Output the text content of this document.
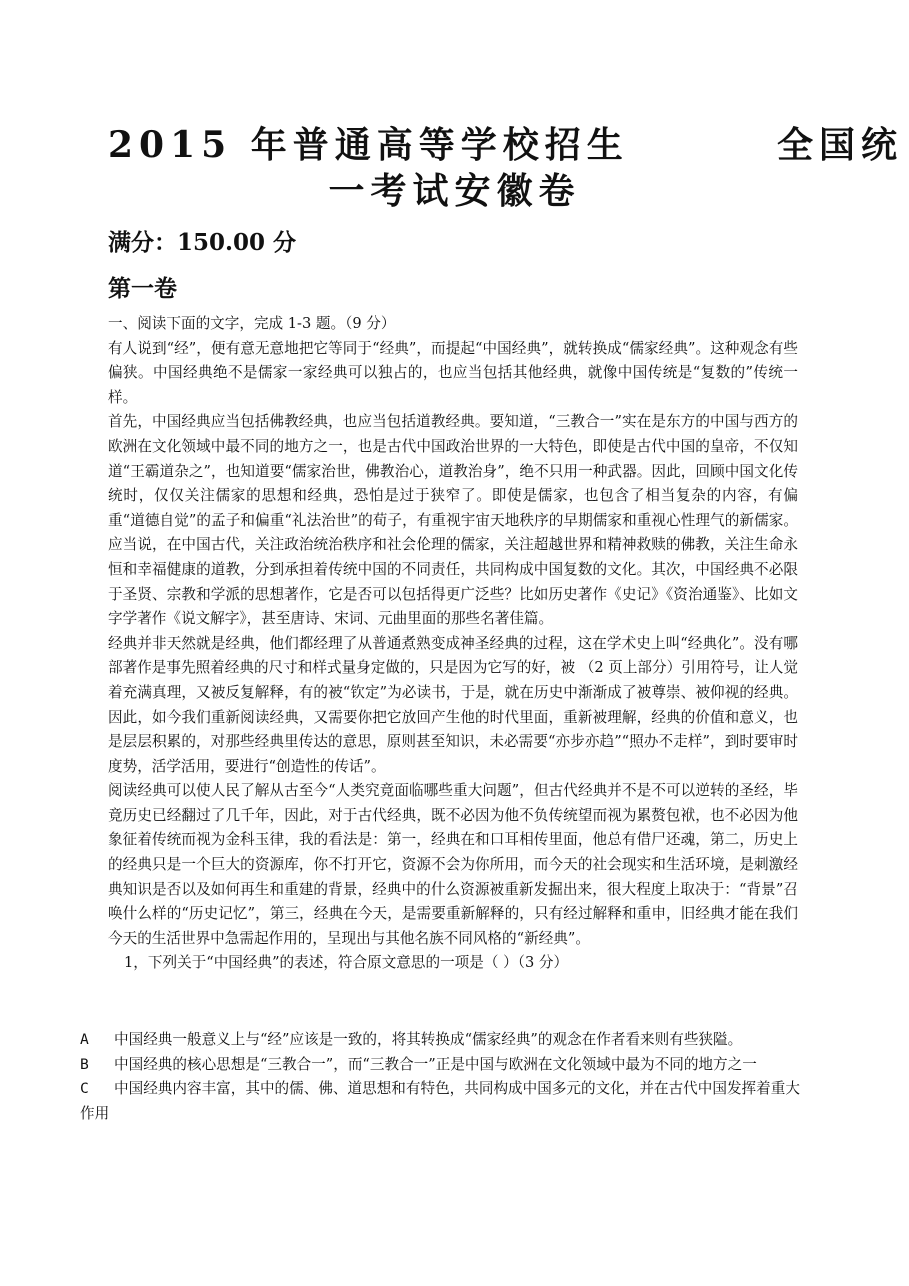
2015 年普通高等学校招生        全国统
一考试安徽卷
满分：150.00 分
第一卷

一、阅读下面的文字，完成 1-3 题。（9 分）

有人说到“经”，便有意无意地把它等同于“经典”，而提起“中国经典”，就转换成“儒家经典”。这种观念有些偏狭。中国经典绝不是儒家一家经典可以独占的，也应当包括其他经典，就像中国传统是“复数的”传统一样。

首先，中国经典应当包括佛教经典，也应当包括道教经典。要知道，“三教合一”实在是东方的中国与西方的欧洲在文化领域中最不同的地方之一，也是古代中国政治世界的一大特色，即使是古代中国的皇帝，不仅知道“王霸道杂之”，也知道要“儒家治世，佛教治心，道教治身”，绝不只用一种武器。因此，回顾中国文化传统时，仅仅关注儒家的思想和经典，恐怕是过于狭窄了。即使是儒家，也包含了相当复杂的内容，有偏重“道德自觉”的孟子和偏重“礼法治世”的荀子，有重视宇宙天地秩序的早期儒家和重视心性理气的新儒家。应当说，在中国古代，关注政治统治秩序和社会伦理的儒家，关注超越世界和精神救赎的佛教，关注生命永恒和幸福健康的道教，分到承担着传统中国的不同责任，共同构成中国复数的文化。其次，中国经典不必限于圣贤、宗教和学派的思想著作，它是否可以包括得更广泛些？比如历史著作《史记》《资治通鉴》、比如文字学著作《说文解字》，甚至唐诗、宋词、元曲里面的那些名著佳篇。

经典并非天然就是经典，他们都经理了从普通煮熟变成神圣经典的过程，这在学术史上叫“经典化”。没有哪部著作是事先照着经典的尺寸和样式量身定做的，只是因为它写的好，被 （2 页上部分）引用符号，让人觉着充满真理，又被反复解释，有的被“钦定”为必读书，于是，就在历史中渐渐成了被尊崇、被仰视的经典。因此，如今我们重新阅读经典，又需要你把它放回产生他的时代里面，重新被理解，经典的价值和意义，也是层层积累的，对那些经典里传达的意思，原则甚至知识，未必需要“亦步亦趋”“照办不走样”，到时要审时度势，活学活用，要进行“创造性的传话”。

阅读经典可以使人民了解从古至今“人类究竟面临哪些重大问题”，但古代经典并不是不可以逆转的圣经，毕竟历史已经翻过了几千年，因此，对于古代经典，既不必因为他不负传统望而视为累赘包袱，也不必因为他象征着传统而视为金科玉律，我的看法是：第一，经典在和口耳相传里面，他总有借尸还魂，第二，历史上的经典只是一个巨大的资源库，你不打开它，资源不会为你所用，而今天的社会现实和生活环境，是刺激经典知识是否以及如何再生和重建的背景，经典中的什么资源被重新发掘出来，很大程度上取决于：“背景”召唤什么样的“历史记忆”，第三，经典在今天，是需要重新解释的，只有经过解释和重申，旧经典才能在我们今天的生活世界中急需起作用的，呈现出与其他名族不同风格的“新经典”。

1，下列关于“中国经典”的表述，符合原文意思的一项是（ ）（3 分）

A 中国经典一般意义上与“经”应该是一致的，将其转换成“儒家经典”的观念在作者看来则有些狭隘。

B 中国经典的核心思想是“三教合一”，而“三教合一”正是中国与欧洲在文化领域中最为不同的地方之一

C 中国经典内容丰富，其中的儒、佛、道思想和有特色，共同构成中国多元的文化，并在古代中国发挥着重大作用
